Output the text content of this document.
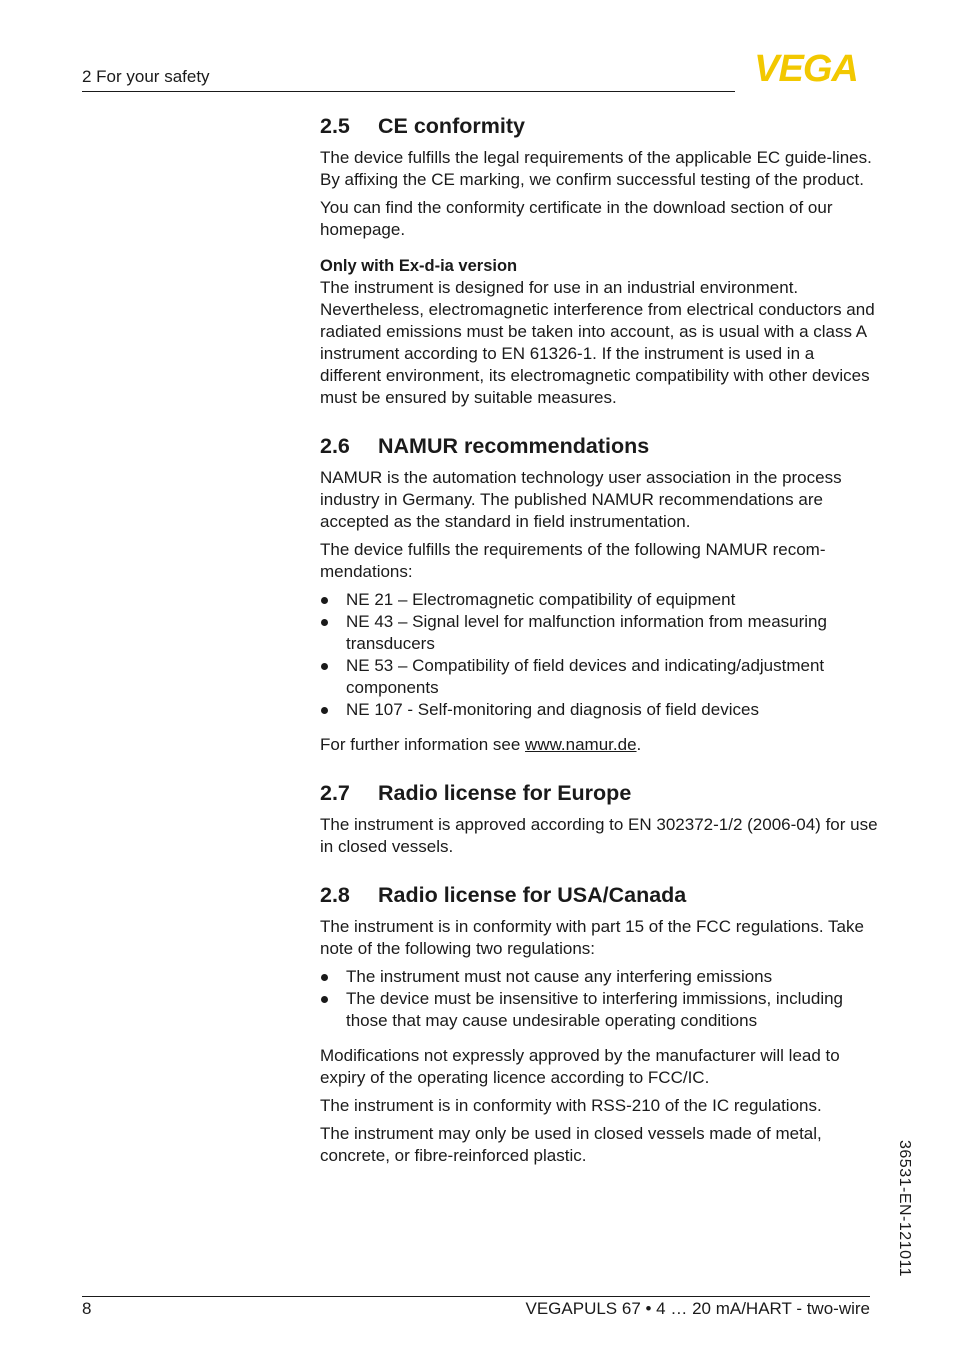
2 For your safety	VEGA
2.5 CE conformity

The device fulfills the legal requirements of the applicable EC guide-lines. By affixing the CE marking, we confirm successful testing of the product.

You can find the conformity certificate in the download section of our homepage.

Only with Ex-d-ia version

The instrument is designed for use in an industrial environment. Nevertheless, electromagnetic interference from electrical conductors and radiated emissions must be taken into account, as is usual with a class A instrument according to EN 61326-1. If the instrument is used in a different environment, its electromagnetic compatibility with other devices must be ensured by suitable measures.

2.6 NAMUR recommendations

NAMUR is the automation technology user association in the process industry in Germany. The published NAMUR recommendations are accepted as the standard in field instrumentation.

The device fulfills the requirements of the following NAMUR recom-mendations:

NE 21 – Electromagnetic compatibility of equipment
NE 43 – Signal level for malfunction information from measuring transducers
NE 53 – Compatibility of field devices and indicating/adjustment components
NE 107 - Self-monitoring and diagnosis of field devices

For further information see www.namur.de.

2.7 Radio license for Europe

The instrument is approved according to EN 302372-1/2 (2006-04) for use in closed vessels.

2.8 Radio license for USA/Canada

The instrument is in conformity with part 15 of the FCC regulations. Take note of the following two regulations:

The instrument must not cause any interfering emissions
The device must be insensitive to interfering immissions, including those that may cause undesirable operating conditions

Modifications not expressly approved by the manufacturer will lead to expiry of the operating licence according to FCC/IC.

The instrument is in conformity with RSS-210 of the IC regulations.

The instrument may only be used in closed vessels made of metal, concrete, or fibre-reinforced plastic.	36531-EN-121011
8	VEGAPULS 67 • 4 … 20 mA/HART - two-wire
